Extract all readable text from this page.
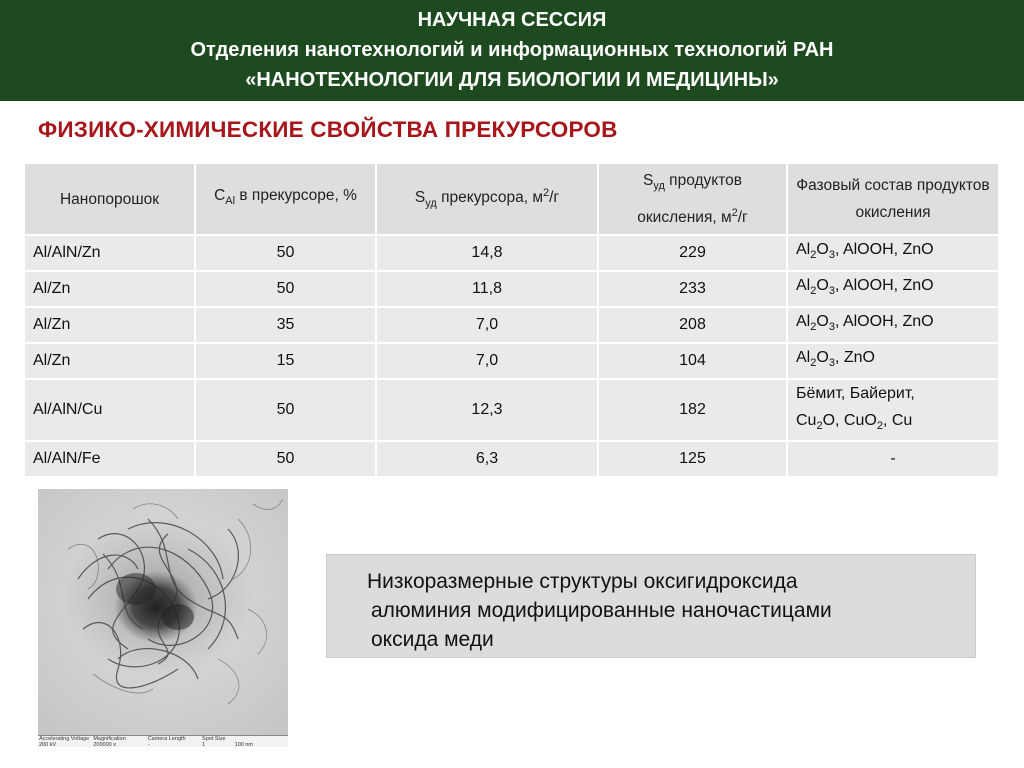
НАУЧНАЯ СЕССИЯ
Отделения нанотехнологий и информационных технологий РАН
«НАНОТЕХНОЛОГИИ ДЛЯ БИОЛОГИИ И МЕДИЦИНЫ»
ФИЗИКО-ХИМИЧЕСКИЕ СВОЙСТВА ПРЕКУРСОРОВ
Нанопорошок	$C_{Al}$ в прекурсоре, %	$S_{уд}$ прекурсора, $м^2/г$	$S_{уд}$ продуктов окисления, $м^2/г$	Фазовый состав продуктов окисления
Al/AlN/Zn	50	14,8	229	$Al_2O_3$, AlOOH, ZnO
Al/Zn	50	11,8	233	$Al_2O_3$, AlOOH, ZnO
Al/Zn	35	7,0	208	$Al_2O_3$, AlOOH, ZnO
Al/Zn	15	7,0	104	$Al_2O_3$, ZnO
Al/AlN/Cu	50	12,3	182	Бёмит, Байерит,
$Cu_2O$, CuO$_2$, Cu

Al/AlN/Fe	50	6,3	125	-
Accelerating Voltage Magnification	Camera Length	Spot Size
200 kV	200000 x	-	1	100 nm
Низкоразмерные структуры оксигидроксида
алюминия модифицированные наночастицами
оксида меди
